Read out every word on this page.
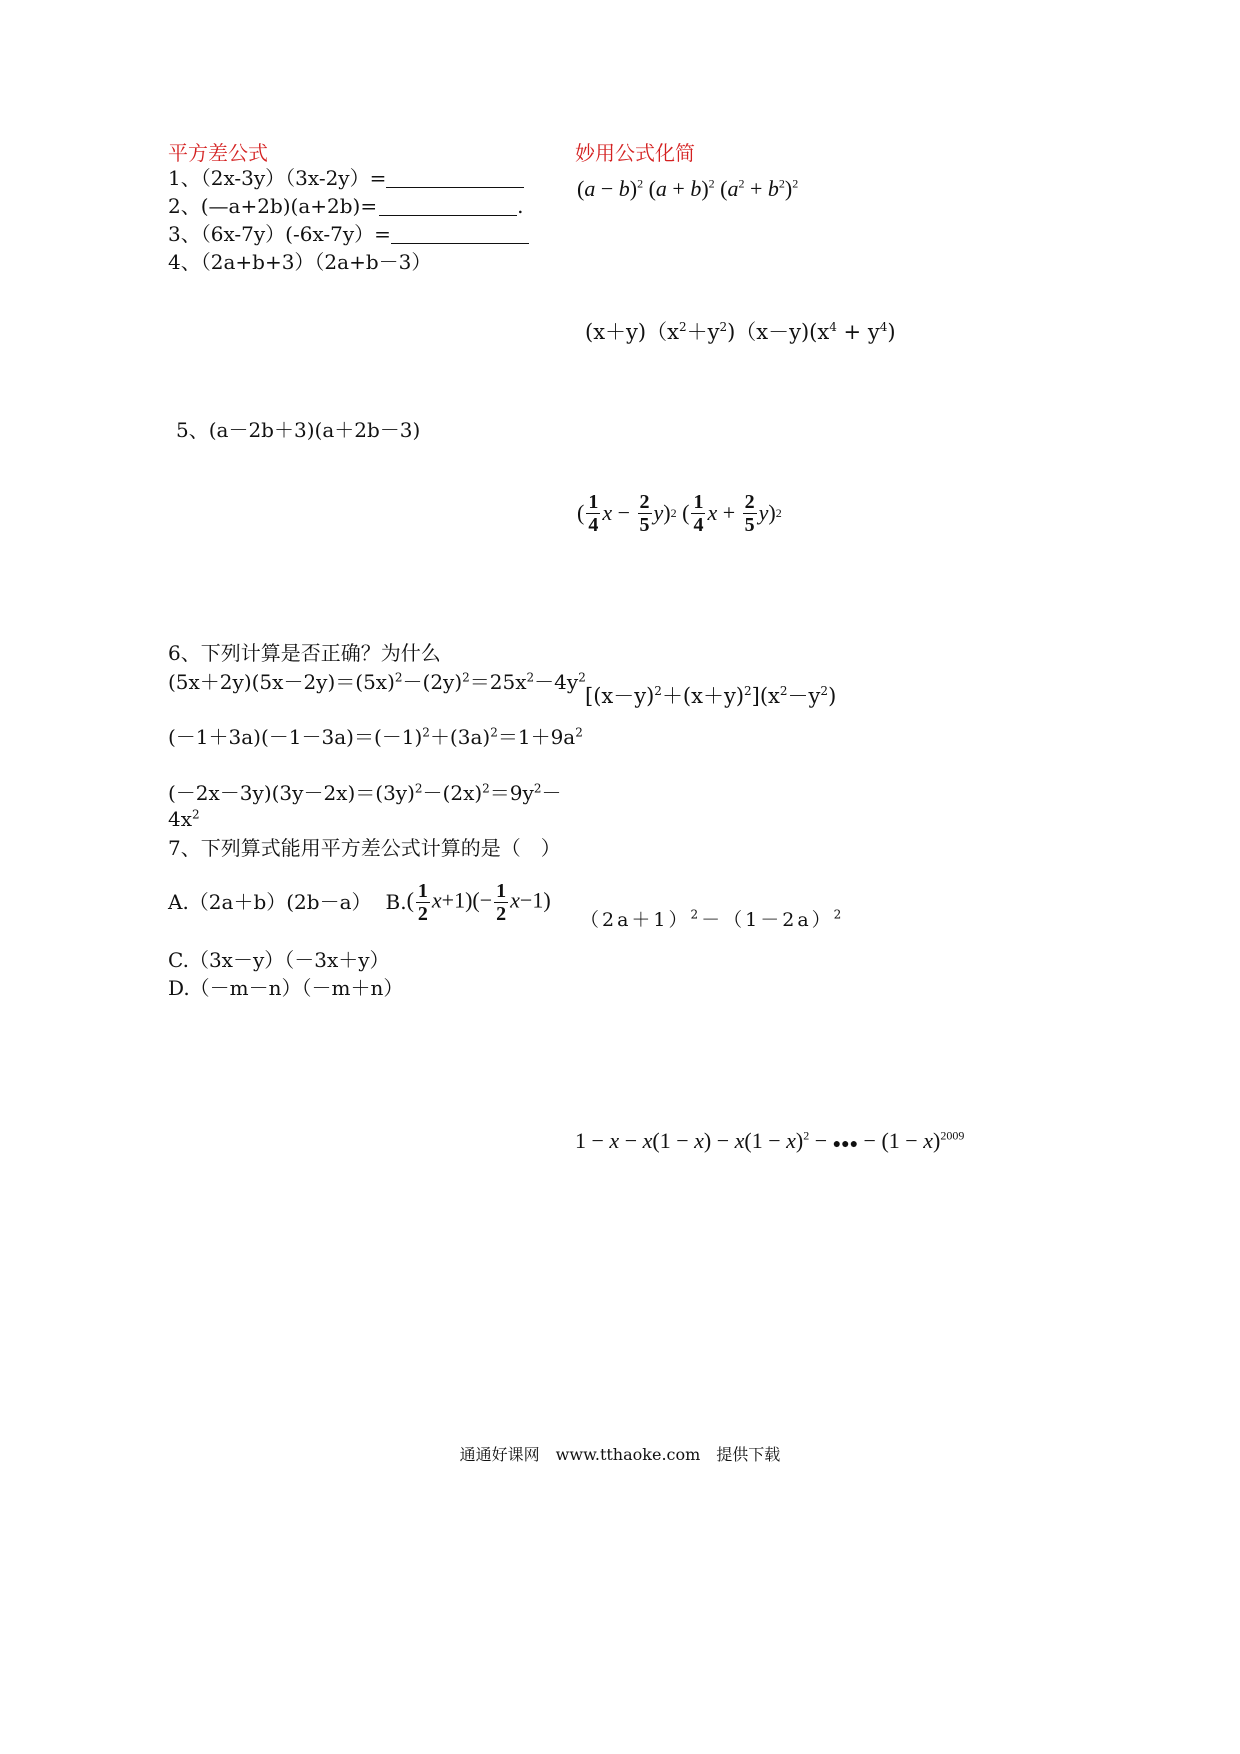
平方差公式
1、（2x-3y）（3x-2y）=
2、(—a+2b)(a+2b)=	.
3、（6x-7y）(-6x-7y）=
4、（2a+b+3）（2a+b－3）
5、(a－2b＋3)(a＋2b－3)
6、下列计算是否正确？为什么
$(5x+2y)(5x-2y)=(5x)^2-(2y)^2=25x^2-4y^2$
$(-1+3a)(-1-3a)=(-1)^2+(3a)^2=1+9a^2$
$(-2x-3y)(3y-2x)=(3y)^2-(2x)^2=9y^2-$
$4x^2$
7、下列算式能用平方差公式计算的是（　）
A.（2a＋b）(2b－a） B. ( $\frac{1}{2} x+1)(- \frac{1}{2} x-1)$
C.（3x－y）（－3x＋y）
D.（－m－n）（－m＋n）
妙用公式化简
$(a - b)^2$ $(a + b)^2$ $(a^2 + b^2)^2$
$(x+y)(x^2+y^2)(x-y)(x^4 + y^4)$
( $\frac{1}{4}$ x
−
$\frac{2}{5}$ y ) 2
( $\frac{1}{4}$ x
+
$\frac{2}{5}$ y ) 2
$[(x-y)^2+(x+y)^2](x^2-y^2)$
$(2a+1)^2-(1-2a)^2$
$1 - x - x(1 - x) - x(1 - x)^2$ − ●●● − $(1 - x)^{2009}$
通通好课网　www.tthaoke.com　提供下载
